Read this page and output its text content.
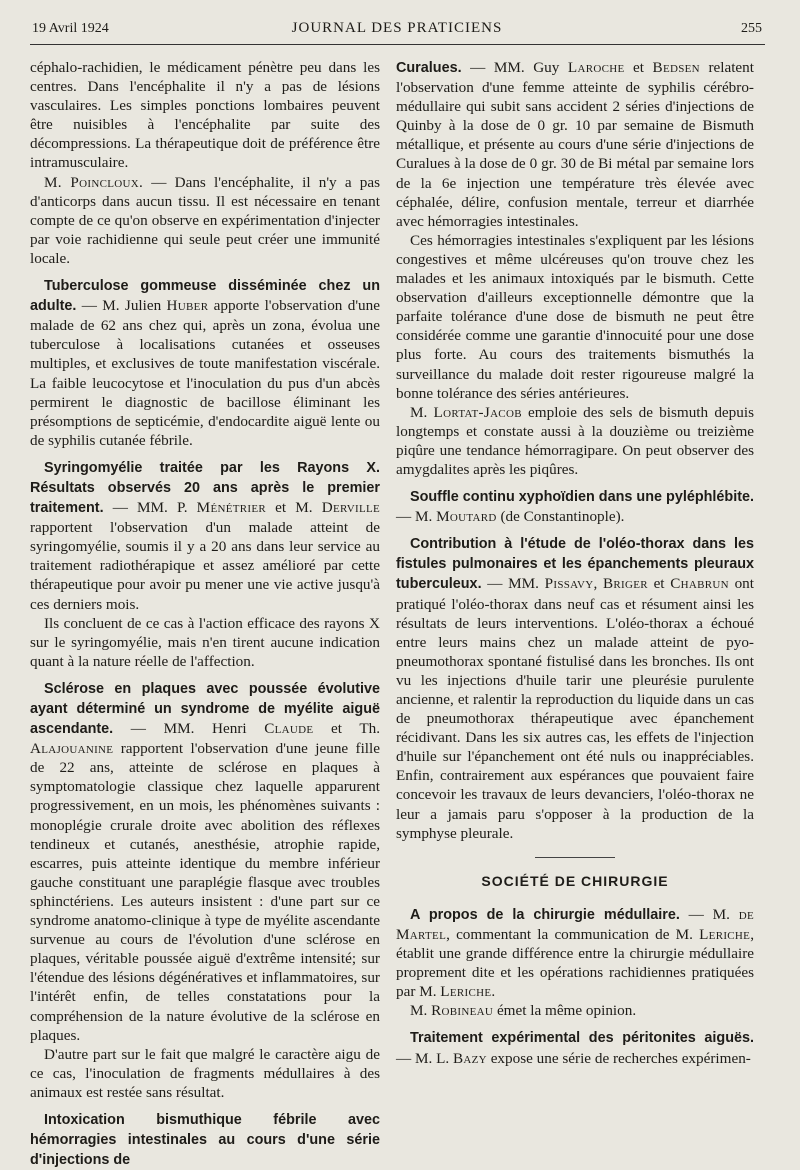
19 Avril 1924	JOURNAL DES PRATICIENS	255

céphalo-rachidien, le médicament pénètre peu dans les centres. Dans l'encéphalite il n'y a pas de lésions vasculaires. Les simples ponctions lombaires peuvent être nuisibles à l'encéphalite par suite des décompressions. La thérapeutique doit de préférence être intramusculaire.

M. Poincloux. — Dans l'encéphalite, il n'y a pas d'anticorps dans aucun tissu. Il est nécessaire en tenant compte de ce qu'on observe en expérimentation d'injecter par voie rachidienne qui seule peut créer une immunité locale.

Tuberculose gommeuse disséminée chez un adulte. — M. Julien Huber apporte l'observation d'une malade de 62 ans chez qui, après un zona, évolua une tuberculose à localisations cutanées et osseuses multiples, et exclusives de toute manifestation viscérale. La faible leucocytose et l'inoculation du pus d'un abcès permirent le diagnostic de bacillose éliminant les présomptions de septicémie, d'endocardite aiguë lente ou de syphilis cutanée fébrile.

Syringomyélie traitée par les Rayons X. Résultats observés 20 ans après le premier traitement. — MM. P. Ménétrier et M. Derville rapportent l'observation d'un malade atteint de syringomyélie, soumis il y a 20 ans dans leur service au traitement radiothérapique et assez amélioré par cette thérapeutique pour avoir pu mener une vie active jusqu'à ces derniers mois.

Ils concluent de ce cas à l'action efficace des rayons X sur le syringomyélie, mais n'en tirent aucune indication quant à la nature réelle de l'affection.

Sclérose en plaques avec poussée évolutive ayant déterminé un syndrome de myélite aiguë ascendante. — MM. Henri Claude et Th. Alajouanine rapportent l'observation d'une jeune fille de 22 ans, atteinte de sclérose en plaques à symptomatologie classique chez laquelle apparurent progressivement, en un mois, les phénomènes suivants : monoplégie crurale droite avec abolition des réflexes tendineux et cutanés, anesthésie, atrophie rapide, escarres, puis atteinte identique du membre inférieur gauche constituant une paraplégie flasque avec troubles sphinctériens. Les auteurs insistent : d'une part sur ce syndrome anatomo-clinique à type de myélite ascendante survenue au cours de l'évolution d'une sclérose en plaques, véritable poussée aiguë d'extrême intensité; sur l'étendue des lésions dégénératives et inflammatoires, sur l'intérêt enfin, de telles constatations pour la compréhension de la nature évolutive de la sclérose en plaques.

D'autre part sur le fait que malgré le caractère aigu de ce cas, l'inoculation de fragments médullaires à des animaux est restée sans résultat.

Intoxication bismuthique fébrile avec hémorragies intestinales au cours d'une série d'injections de

Curalues. — MM. Guy Laroche et Bedsen relatent l'observation d'une femme atteinte de syphilis cérébro-médullaire qui subit sans accident 2 séries d'injections de Quinby à la dose de 0 gr. 10 par semaine de Bismuth métallique, et présente au cours d'une série d'injections de Curalues à la dose de 0 gr. 30 de Bi métal par semaine lors de la 6e injection une température très élevée avec céphalée, délire, confusion mentale, terreur et diarrhée avec hémorragies intestinales.

Ces hémorragies intestinales s'expliquent par les lésions congestives et même ulcéreuses qu'on trouve chez les malades et les animaux intoxiqués par le bismuth. Cette observation d'ailleurs exceptionnelle démontre que la parfaite tolérance d'une dose de bismuth ne peut être considérée comme une garantie d'innocuité pour une dose plus forte. Au cours des traitements bismuthés la surveillance du malade doit rester rigoureuse malgré la bonne tolérance des séries antérieures.

M. Lortat-Jacob emploie des sels de bismuth depuis longtemps et constate aussi à la douzième ou treizième piqûre une tendance hémorragipare. On peut observer des amygdalites après les piqûres.

Souffle continu xyphoïdien dans une pyléphlébite. — M. Moutard (de Constantinople).

Contribution à l'étude de l'oléo-thorax dans les fistules pulmonaires et les épanchements pleuraux tuberculeux. — MM. Pissavy, Briger et Chabrun ont pratiqué l'oléo-thorax dans neuf cas et résument ainsi les résultats de leurs interventions. L'oléo-thorax a échoué entre leurs mains chez un malade atteint de pyo-pneumothorax spontané fistulisé dans les bronches. Ils ont vu les injections d'huile tarir une pleurésie purulente ancienne, et ralentir la reproduction du liquide dans un cas de pneumothorax thérapeutique avec épanchement récidivant. Dans les six autres cas, les effets de l'injection d'huile sur l'épanchement ont été nuls ou inappréciables. Enfin, contrairement aux espérances que pouvaient faire concevoir les travaux de leurs devanciers, l'oléo-thorax ne leur a jamais paru s'opposer à la production de la symphyse pleurale.

SOCIÉTÉ DE CHIRURGIE

A propos de la chirurgie médullaire. — M. de Martel, commentant la communication de M. Leriche, établit une grande différence entre la chirurgie médullaire proprement dite et les opérations rachidiennes pratiquées par M. Leriche.

M. Robineau émet la même opinion.

Traitement expérimental des péritonites aiguës. — M. L. Bazy expose une série de recherches expérimen-
